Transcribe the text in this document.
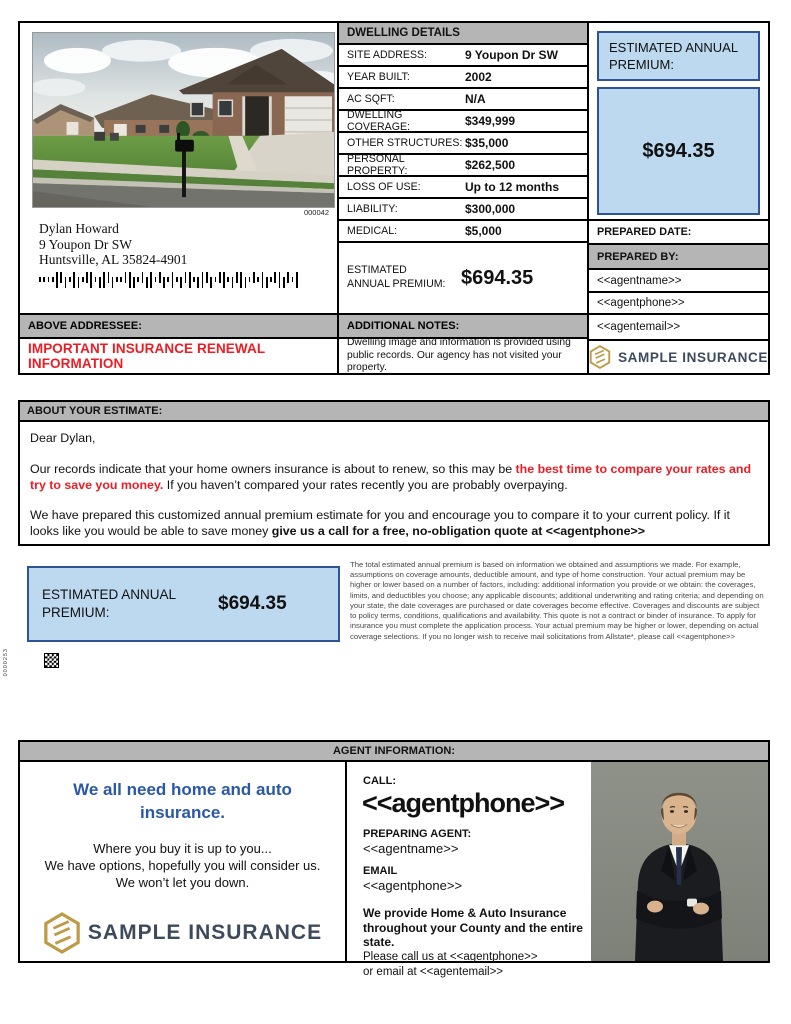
000042
Dylan Howard
9 Youpon Dr SW
Huntsville, AL 35824-4901
ABOVE ADDRESSEE:
IMPORTANT INSURANCE RENEWAL INFORMATION
DWELLING DETAILS
SITE ADDRESS:	9 Youpon Dr SW
YEAR BUILT:	2002
AC SQFT:	N/A
DWELLING COVERAGE:	$349,999
OTHER STRUCTURES: $35,000
PERSONAL PROPERTY:	$262,500
LOSS OF USE:	Up to 12 months
LIABILITY:	$300,000
MEDICAL:	$5,000
ESTIMATED ANNUAL PREMIUM: $694.35
ADDITIONAL NOTES:
Dwelling image and information is provided using public records. Our agency has not visited your property.
ESTIMATED ANNUAL PREMIUM:
$694.35
PREPARED DATE:
PREPARED BY:
<<agentname>>
<<agentphone>>
<<agentemail>>
SAMPLE INSURANCE
ABOUT YOUR ESTIMATE:

Dear Dylan,

Our records indicate that your home owners insurance is about to renew, so this may be the best time to compare your rates and try to save you money. If you haven’t compared your rates recently you are probably overpaying.

We have prepared this customized annual premium estimate for you and encourage you to compare it to your current policy. If it looks like you would be able to save money give us a call for a free, no-obligation quote at <<agentphone>>

ESTIMATED ANNUAL PREMIUM:	$694.35
The total estimated annual premium is based on information we obtained and assumptions we made. For example, assumptions on coverage amounts, deductible amount, and type of home construction. Your actual premium may be higher or lower based on a number of factors, including: additional information you provide or we obtain: the coverages, limits, and deductibles you choose; any applicable discounts; additional underwriting and rating criteria; and depending on your state, the date coverages are purchased or date coverages become effective. Coverages and discounts are subject to policy terms, conditions, qualifications and availability. This quote is not a contract or binder of insurance. To apply for insurance you must complete the application process. Your actual premium may be higher or lower, depending on actual coverage selections. If you no longer wish to receive mail solicitations from Allstate*, please call <<agentphone>>
0000253
AGENT INFORMATION:
We all need home and auto insurance.
Where you buy it is up to you...
We have options, hopefully you will consider us.
We won’t let you down.
SAMPLE INSURANCE
CALL:
<<agentphone>>
PREPARING AGENT:
<<agentname>>
EMAIL
<<agentphone>>
We provide Home & Auto Insurance throughout your County and the entire state.
Please call us at <<agentphone>>
or email at <<agentemail>>
